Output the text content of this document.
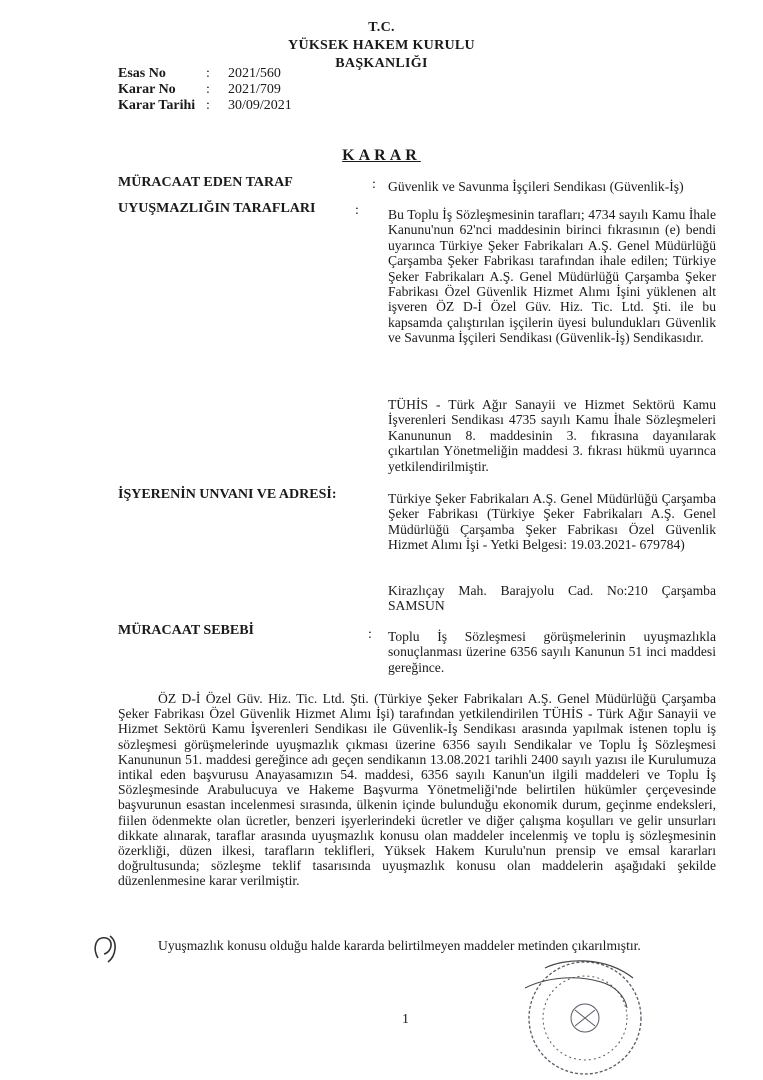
T.C.
YÜKSEK HAKEM KURULU
BAŞKANLIĞI
Esas No	:	2021/560
Karar No	:	2021/709
Karar Tarihi :	30/09/2021
KARAR
MÜRACAAT EDEN TARAF	: Güvenlik ve Savunma İşçileri Sendikası (Güvenlik-İş)
UYUŞMAZLIĞIN TARAFLARI	: Bu Toplu İş Sözleşmesinin tarafları; 4734 sayılı Kamu İhale Kanunu'nun 62'nci maddesinin birinci fıkrasının (e) bendi uyarınca Türkiye Şeker Fabrikaları A.Ş. Genel Müdürlüğü Çarşamba Şeker Fabrikası tarafından ihale edilen; Türkiye Şeker Fabrikaları A.Ş. Genel Müdürlüğü Çarşamba Şeker Fabrikası Özel Güvenlik Hizmet Alımı İşini yüklenen alt işveren ÖZ D-İ Özel Güv. Hiz. Tic. Ltd. Şti. ile bu kapsamda çalıştırılan işçilerin üyesi bulundukları Güvenlik ve Savunma İşçileri Sendikası (Güvenlik-İş) Sendikasıdır.
TÜHİS - Türk Ağır Sanayii ve Hizmet Sektörü Kamu İşverenleri Sendikası 4735 sayılı Kamu İhale Sözleşmeleri Kanununun 8. maddesinin 3. fıkrasına dayanılarak çıkartılan Yönetmeliğin maddesi 3. fıkrası hükmü uyarınca yetkilendirilmiştir.
İŞYERENİN UNVANI VE ADRESİ:	Türkiye Şeker Fabrikaları A.Ş. Genel Müdürlüğü Çarşamba Şeker Fabrikası (Türkiye Şeker Fabrikaları A.Ş. Genel Müdürlüğü Çarşamba Şeker Fabrikası Özel Güvenlik Hizmet Alımı İşi - Yetki Belgesi: 19.03.2021- 679784)
Kirazlıçay Mah. Barajyolu Cad. No:210 Çarşamba SAMSUN
MÜRACAAT SEBEBİ	: Toplu İş Sözleşmesi görüşmelerinin uyuşmazlıkla sonuçlanması üzerine 6356 sayılı Kanunun 51 inci maddesi gereğince.
ÖZ D-İ Özel Güv. Hiz. Tic. Ltd. Şti. (Türkiye Şeker Fabrikaları A.Ş. Genel Müdürlüğü Çarşamba Şeker Fabrikası Özel Güvenlik Hizmet Alımı İşi) tarafından yetkilendirilen TÜHİS - Türk Ağır Sanayii ve Hizmet Sektörü Kamu İşverenleri Sendikası ile Güvenlik-İş Sendikası arasında yapılmak istenen toplu iş sözleşmesi görüşmelerinde uyuşmazlık çıkması üzerine 6356 sayılı Sendikalar ve Toplu İş Sözleşmesi Kanununun 51. maddesi gereğince adı geçen sendikanın 13.08.2021 tarihli 2400 sayılı yazısı ile Kurulumuza intikal eden başvurusu Anayasamızın 54. maddesi, 6356 sayılı Kanun'un ilgili maddeleri ve Toplu İş Sözleşmesinde Arabulucuya ve Hakeme Başvurma Yönetmeliği'nde belirtilen hükümler çerçevesinde başvurunun esastan incelenmesi sırasında, ülkenin içinde bulunduğu ekonomik durum, geçinme endeksleri, fiilen ödenmekte olan ücretler, benzeri işyerlerindeki ücretler ve diğer çalışma koşulları ve gelir unsurları dikkate alınarak, taraflar arasında uyuşmazlık konusu olan maddeler incelenmiş ve toplu iş sözleşmesinin özerkliği, düzen ilkesi, tarafların teklifleri, Yüksek Hakem Kurulu'nun prensip ve emsal kararları doğrultusunda; sözleşme teklif tasarısında uyuşmazlık konusu olan maddelerin aşağıdaki şekilde düzenlenmesine karar verilmiştir.
Uyuşmazlık konusu olduğu halde kararda belirtilmeyen maddeler metinden çıkarılmıştır.
1
